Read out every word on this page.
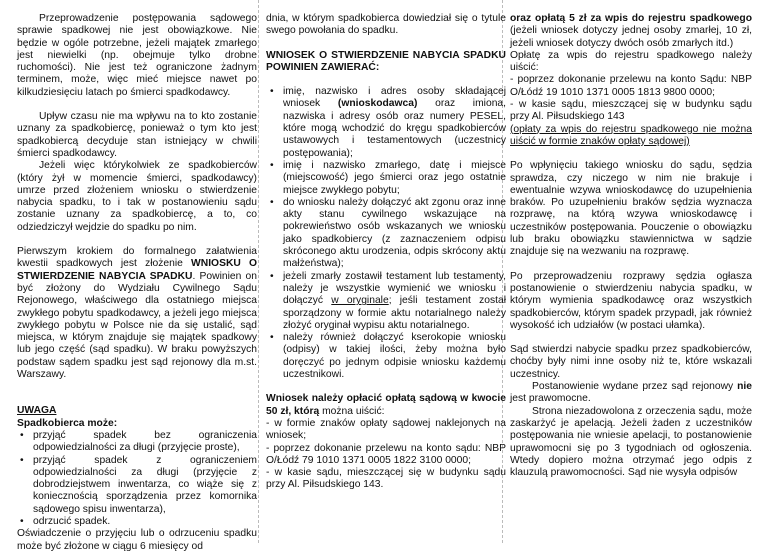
Przeprowadzenie postępowania sądowego sprawie spadkowej nie jest obowiązkowe. Nie będzie w ogóle potrzebne, jeżeli majątek zmarłego jest niewielki (np. obejmuje tylko drobne ruchomości). Nie jest też ograniczone żadnym terminem, może, więc mieć miejsce nawet po kilkudziesięciu latach po śmierci spadkodawcy.

Upływ czasu nie ma wpływu na to kto zostanie uznany za spadkobiercę, ponieważ o tym kto jest spadkobiercą decyduje stan istniejący w chwili śmierci spadkodawcy.

Jeżeli więc którykolwiek ze spadkobierców (który żył w momencie śmierci, spadkodawcy) umrze przed złożeniem wniosku o stwierdzenie nabycia spadku, to i tak w postanowieniu sądu zostanie uznany za spadkobiercę, a to, co odziedziczył wejdzie do spadku po nim.

Pierwszym krokiem do formalnego załatwienia kwestii spadkowych jest złożenie WNIOSKU O STWIERDZENIE NABYCIA SPADKU. Powinien on być złożony do Wydziału Cywilnego Sądu Rejonowego, właściwego dla ostatniego miejsca zwykłego pobytu spadkodawcy, a jeżeli jego miejsca zwykłego pobytu w Polsce nie da się ustalić, sąd miejsca, w którym znajduje się majątek spadkowy lub jego część (sąd spadku). W braku powyższych podstaw sądem spadku jest sąd rejonowy dla m.st. Warszawy.

UWAGA

Spadkobierca może:

• przyjąć spadek bez ograniczenia odpowiedzialności za długi (przyjęcie proste),
• przyjąć spadek z ograniczeniem odpowiedzialności za długi (przyjęcie z dobrodziejstwem inwentarza, co wiąże się z koniecznością sporządzenia przez komornika sądowego spisu inwentarza),
• odrzucić spadek.

Oświadczenie o przyjęciu lub o odrzuceniu spadku może być złożone w ciągu 6 miesięcy od

dnia, w którym spadkobierca dowiedział się o tytule swego powołania do spadku.

WNIOSEK O STWIERDZENIE NABYCIA SPADKU POWINIEN ZAWIERAĆ:

• imię, nazwisko i adres osoby składającej wniosek (wnioskodawca) oraz imiona, nazwiska i adresy osób oraz numery PESEL, które mogą wchodzić do kręgu spadkobierców ustawowych i testamentowych (uczestnicy postępowania);
• imię i nazwisko zmarłego, datę i miejsce (miejscowość) jego śmierci oraz jego ostatnie miejsce zwykłego pobytu;
• do wniosku należy dołączyć akt zgonu oraz inne akty stanu cywilnego wskazujące na pokrewieństwo osób wskazanych we wniosku jako spadkobiercy (z zaznaczeniem odpisu skróconego aktu urodzenia, odpis skrócony aktu małżeństwa);
• jeżeli zmarły zostawił testament lub testamenty, należy je wszystkie wymienić we wniosku i dołączyć w oryginale; jeśli testament został sporządzony w formie aktu notarialnego należy złożyć oryginał wypisu aktu notarialnego.
• należy również dołączyć kserokopie wniosku (odpisy) w takiej ilości, żeby można było doręczyć po jednym odpisie wniosku każdemu uczestnikowi.

Wniosek należy opłacić opłatą sądową w kwocie 50 zł, którą można uiścić:

- w formie znaków opłaty sądowej naklejonych na wniosek;

- poprzez dokonanie przelewu na konto sądu: NBP O/Łódź 79 1010 1371 0005 1822 3100 0000;

- w kasie sądu, mieszczącej się w budynku sądu przy Al. Piłsudskiego 143.

oraz opłatą 5 zł za wpis do rejestru spadkowego (jeżeli wniosek dotyczy jednej osoby zmarłej, 10 zł, jeżeli wniosek dotyczy dwóch osób zmarłych itd.)

Opłatę za wpis do rejestru spadkowego należy uiścić:

- poprzez dokonanie przelewu na konto Sądu: NBP O/Łódź 19 1010 1371 0005 1813 9800 0000;

- w kasie sądu, mieszczącej się w budynku sądu przy Al. Piłsudskiego 143

(opłaty za wpis do rejestru spadkowego nie można uiścić w formie znaków opłaty sądowej)

Po wpłynięciu takiego wniosku do sądu, sędzia sprawdza, czy niczego w nim nie brakuje i ewentualnie wzywa wnioskodawcę do uzupełnienia braków. Po uzupełnieniu braków sędzia wyznacza rozprawę, na którą wzywa wnioskodawcę i uczestników postępowania. Pouczenie o obowiązku lub braku obowiązku stawiennictwa w sądzie znajduje się na wezwaniu na rozprawę.

Po przeprowadzeniu rozprawy sędzia ogłasza postanowienie o stwierdzeniu nabycia spadku, w którym wymienia spadkodawcę oraz wszystkich spadkobierców, którym spadek przypadł, jak również wysokość ich udziałów (w postaci ułamka).

Sąd stwierdzi nabycie spadku przez spadkobierców, choćby były nimi inne osoby niż te, które wskazali uczestnicy.

Postanowienie wydane przez sąd rejonowy nie jest prawomocne.

Strona niezadowolona z orzeczenia sądu, może zaskarżyć je apelacją. Jeżeli żaden z uczestników postępowania nie wniesie apelacji, to postanowienie uprawomocni się po 3 tygodniach od ogłoszenia. Wtedy dopiero można otrzymać jego odpis z klauzulą prawomocności. Sąd nie wysyła odpisów
